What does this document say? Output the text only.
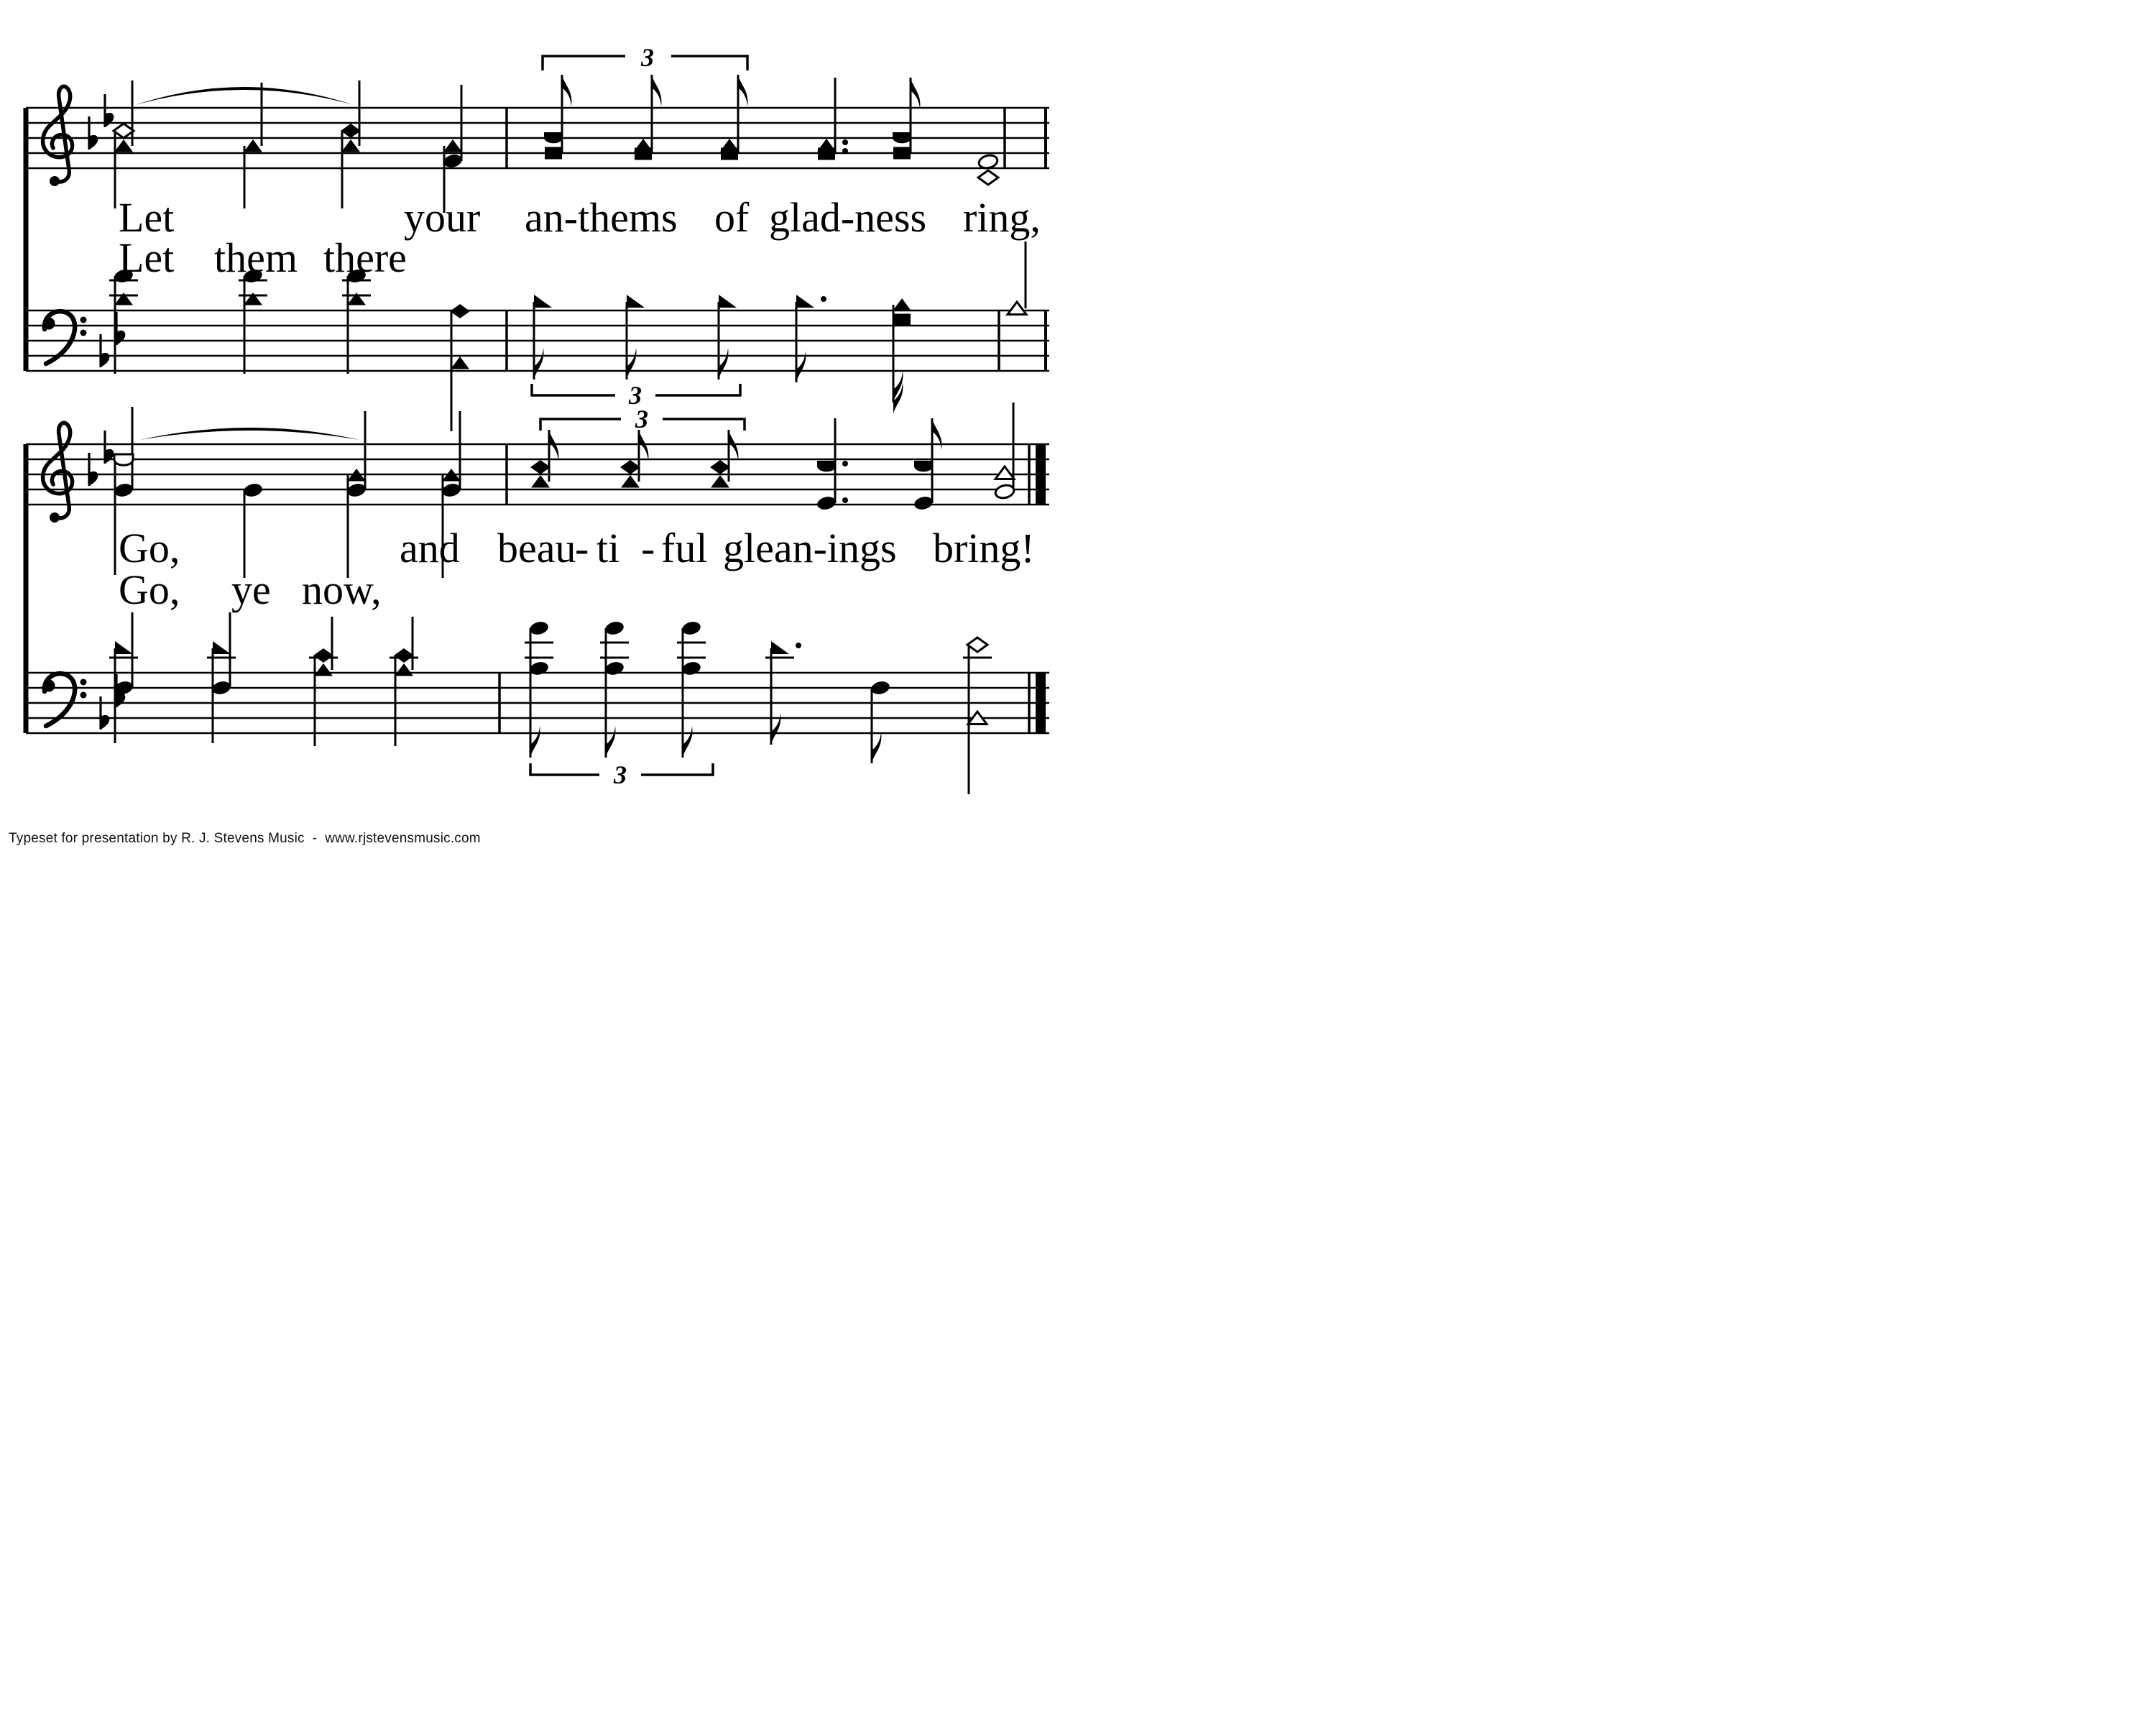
3
3
3
3
Let	your an-thems of glad-ness ring,
Let them there
Go,	and beau
- ti - ful glean-ings bring!
Go, ye now,
Typeset for presentation by R. J. Stevens Music  -  www.rjstevensmusic.com
